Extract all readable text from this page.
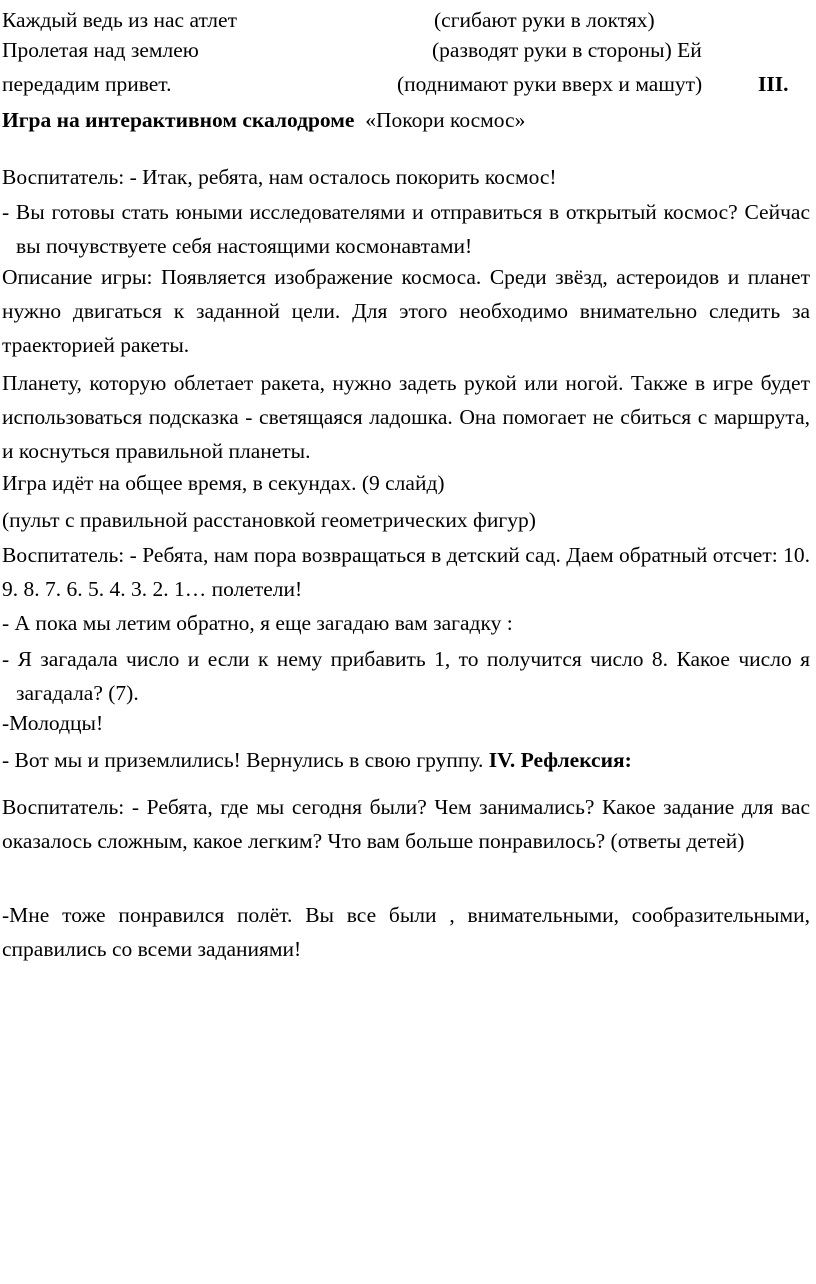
Каждый ведь из нас атлет	(сгибают руки в локтях)
Пролетая над землею	(разводят руки в стороны) Ей
передадим привет.	(поднимают руки вверх и машут)	III.
Игра на интерактивном скалодроме «Покори космос»
Воспитатель: - Итак, ребята, нам осталось покорить космос!
- Вы готовы стать юными исследователями и отправиться в открытый космос? Сейчас вы почувствуете себя настоящими космонавтами!
Описание игры: Появляется изображение космоса. Среди звёзд, астероидов и планет нужно двигаться к заданной цели. Для этого необходимо внимательно следить за траекторией ракеты.
Планету, которую облетает ракета, нужно задеть рукой или ногой. Также в игре будет использоваться подсказка - светящаяся ладошка. Она помогает не сбиться с маршрута, и коснуться правильной планеты.
Игра идёт на общее время, в секундах. (9 слайд)
(пульт с правильной расстановкой геометрических фигур)
Воспитатель: - Ребята, нам пора возвращаться в детский сад. Даем обратный отсчет: 10. 9. 8. 7. 6. 5. 4. 3. 2. 1… полетели!
- А пока мы летим обратно, я еще загадаю вам загадку :
- Я загадала число и если к нему прибавить 1, то получится число 8. Какое число я загадала? (7).
-Молодцы!
- Вот мы и приземлились! Вернулись в свою группу. IV. Рефлексия:
Воспитатель: - Ребята, где мы сегодня были? Чем занимались? Какое задание для вас оказалось сложным, какое легким? Что вам больше понравилось? (ответы детей)
-Мне тоже понравился полёт. Вы все были , внимательными, сообразительными, справились со всеми заданиями!
